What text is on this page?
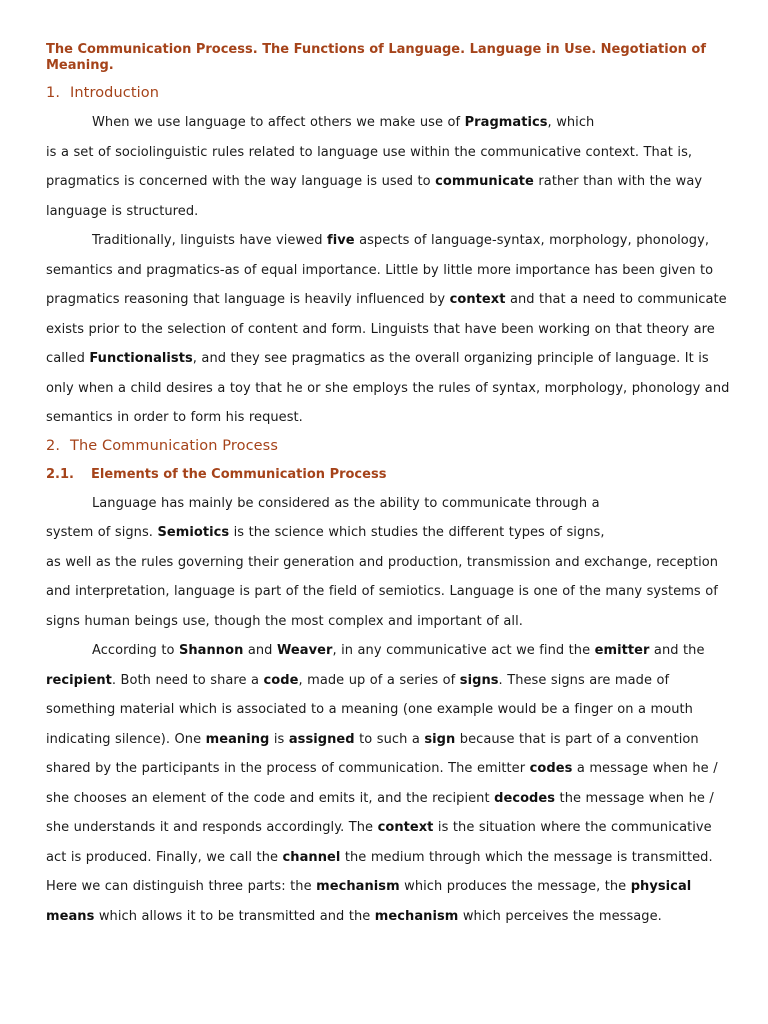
The Communication Process. The Functions of Language. Language in Use. Negotiation of Meaning.
1. Introduction

When we use language to affect others we make use of Pragmatics, which
is a set of sociolinguistic rules related to language use within the communicative context. That is,
pragmatics is concerned with the way language is used to communicate rather than with the way
language is structured.

Traditionally, linguists have viewed five aspects of language-syntax, morphology, phonology,
semantics and pragmatics-as of equal importance. Little by little more importance has been given to
pragmatics reasoning that language is heavily influenced by context and that a need to communicate
exists prior to the selection of content and form. Linguists that have been working on that theory are
called Functionalists, and they see pragmatics as the overall organizing principle of language. It is
only when a child desires a toy that he or she employs the rules of syntax, morphology, phonology and
semantics in order to form his request.

2. The Communication Process
2.1. Elements of the Communication Process

Language has mainly be considered as the ability to communicate through a
system of signs. Semiotics is the science which studies the different types of signs,
as well as the rules governing their generation and production, transmission and exchange, reception
and interpretation, language is part of the field of semiotics. Language is one of the many systems of
signs human beings use, though the most complex and important of all.

According to Shannon and Weaver, in any communicative act we find the emitter and the
recipient. Both need to share a code, made up of a series of signs. These signs are made of
something material which is associated to a meaning (one example would be a finger on a mouth
indicating silence). One meaning is assigned to such a sign because that is part of a convention
shared by the participants in the process of communication. The emitter codes a message when he /
she chooses an element of the code and emits it, and the recipient decodes the message when he /
she understands it and responds accordingly. The context is the situation where the communicative
act is produced. Finally, we call the channel the medium through which the message is transmitted.
Here we can distinguish three parts: the mechanism which produces the message, the physical
means which allows it to be transmitted and the mechanism which perceives the message.
